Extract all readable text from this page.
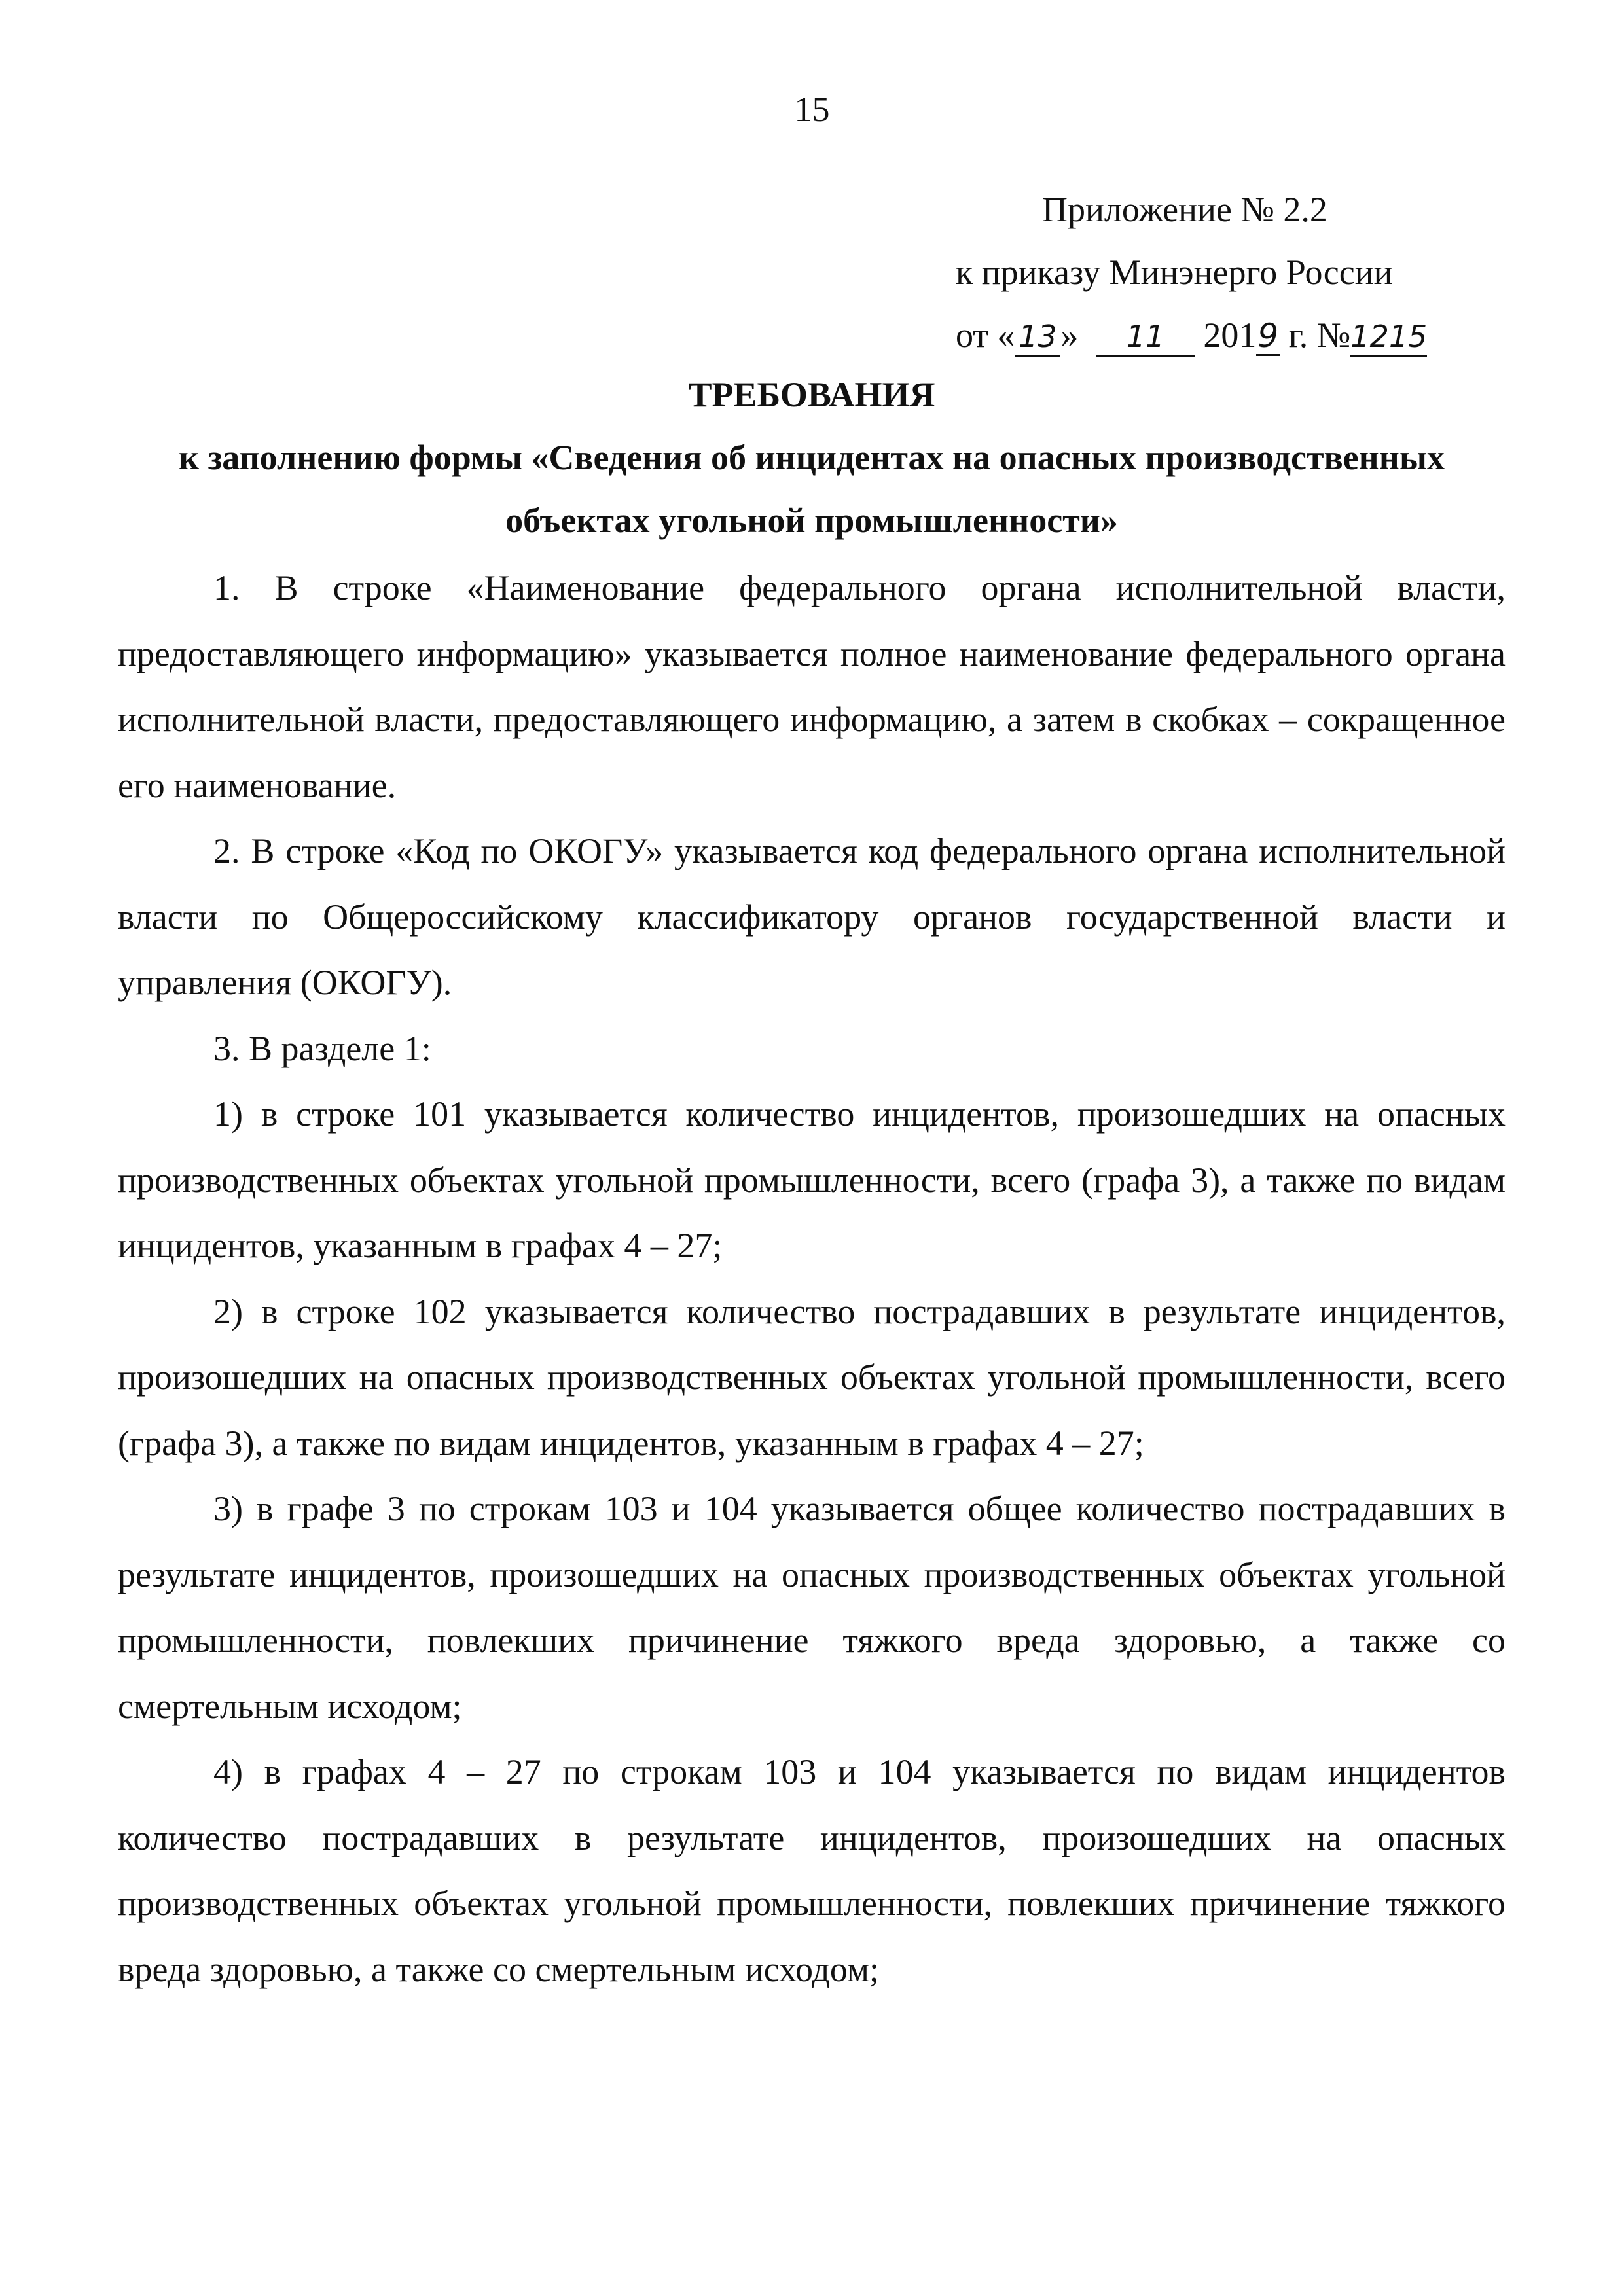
15
Приложение № 2.2
к приказу Минэнерго России
от « 13 » 11 2019 г. №1215
ТРЕБОВАНИЯ
к заполнению формы «Сведения об инцидентах на опасных производственных
объектах угольной промышленности»

1. В строке «Наименование федерального органа исполнительной власти, предоставляющего информацию» указывается полное наименование федерального органа исполнительной власти, предоставляющего информацию, а затем в скобках – сокращенное его наименование.

2. В строке «Код по ОКОГУ» указывается код федерального органа исполнительной власти по Общероссийскому классификатору органов государственной власти и управления (ОКОГУ).

3. В разделе 1:

1) в строке 101 указывается количество инцидентов, произошедших на опасных производственных объектах угольной промышленности, всего (графа 3), а также по видам инцидентов, указанным в графах 4 – 27;

2) в строке 102 указывается количество пострадавших в результате инцидентов, произошедших на опасных производственных объектах угольной промышленности, всего (графа 3), а также по видам инцидентов, указанным в графах 4 – 27;

3) в графе 3 по строкам 103 и 104 указывается общее количество пострадавших в результате инцидентов, произошедших на опасных производственных объектах угольной промышленности, повлекших причинение тяжкого вреда здоровью, а также со смертельным исходом;

4) в графах 4 – 27 по строкам 103 и 104 указывается по видам инцидентов количество пострадавших в результате инцидентов, произошедших на опасных производственных объектах угольной промышленности, повлекших причинение тяжкого вреда здоровью, а также со смертельным исходом;
